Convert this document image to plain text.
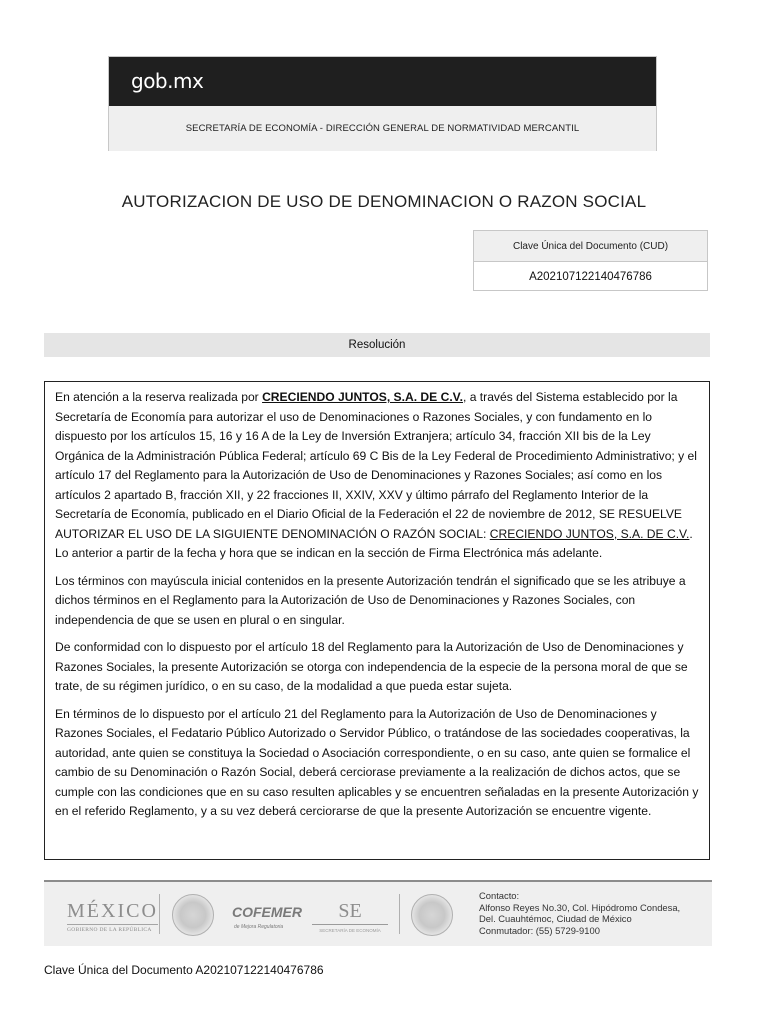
gob.mx
SECRETARÍA DE ECONOMÍA - DIRECCIÓN GENERAL DE NORMATIVIDAD MERCANTIL
AUTORIZACION DE USO DE DENOMINACION O RAZON SOCIAL
Clave Única del Documento (CUD)
A202107122140476786
Resolución

En atención a la reserva realizada por CRECIENDO JUNTOS, S.A. DE C.V., a través del Sistema establecido por la Secretaría de Economía para autorizar el uso de Denominaciones o Razones Sociales, y con fundamento en lo dispuesto por los artículos 15, 16 y 16 A de la Ley de Inversión Extranjera; artículo 34, fracción XII bis de la Ley Orgánica de la Administración Pública Federal; artículo 69 C Bis de la Ley Federal de Procedimiento Administrativo; y el artículo 17 del Reglamento para la Autorización de Uso de Denominaciones y Razones Sociales; así como en los artículos 2 apartado B, fracción XII, y 22 fracciones II, XXIV, XXV y último párrafo del Reglamento Interior de la Secretaría de Economía, publicado en el Diario Oficial de la Federación el 22 de noviembre de 2012, SE RESUELVE AUTORIZAR EL USO DE LA SIGUIENTE DENOMINACIÓN O RAZÓN SOCIAL: CRECIENDO JUNTOS, S.A. DE C.V.. Lo anterior a partir de la fecha y hora que se indican en la sección de Firma Electrónica más adelante.

Los términos con mayúscula inicial contenidos en la presente Autorización tendrán el significado que se les atribuye a dichos términos en el Reglamento para la Autorización de Uso de Denominaciones y Razones Sociales, con independencia de que se usen en plural o en singular.

De conformidad con lo dispuesto por el artículo 18 del Reglamento para la Autorización de Uso de Denominaciones y Razones Sociales, la presente Autorización se otorga con independencia de la especie de la persona moral de que se trate, de su régimen jurídico, o en su caso, de la modalidad a que pueda estar sujeta.

En términos de lo dispuesto por el artículo 21 del Reglamento para la Autorización de Uso de Denominaciones y Razones Sociales, el Fedatario Público Autorizado o Servidor Público, o tratándose de las sociedades cooperativas, la autoridad, ante quien se constituya la Sociedad o Asociación correspondiente, o en su caso, ante quien se formalice el cambio de su Denominación o Razón Social, deberá cerciorase previamente a la realización de dichos actos, que se cumple con las condiciones que en su caso resulten aplicables y se encuentren señaladas en la presente Autorización y en el referido Reglamento, y a su vez deberá cerciorarse de que la presente Autorización se encuentre vigente.

MÉXICO
GOBIERNO DE LA REPÚBLICA
COFEMER
de Mejora Regulatoria
SE
SECRETARÍA DE ECONOMÍA
Contacto:
Alfonso Reyes No.30, Col. Hipódromo Condesa,
Del. Cuauhtémoc, Ciudad de México
Conmutador: (55) 5729-9100
Clave Única del Documento A202107122140476786
